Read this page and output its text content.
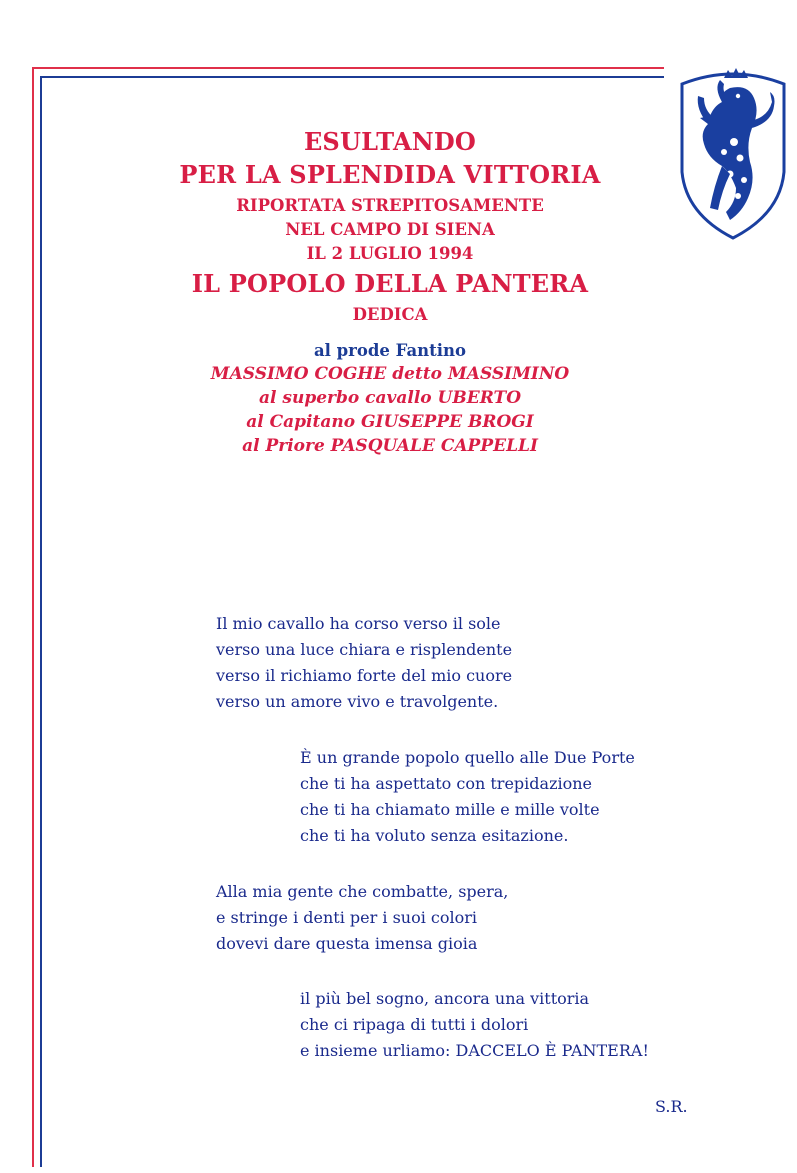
ESULTANDO
PER LA SPLENDIDA VITTORIA
RIPORTATA STREPITOSAMENTE
NEL CAMPO DI SIENA
IL 2 LUGLIO 1994
IL POPOLO DELLA PANTERA
DEDICA
al prode Fantino
MASSIMO COGHE detto MASSIMINO
al superbo cavallo UBERTO
al Capitano GIUSEPPE BROGI
al Priore PASQUALE CAPPELLI
Il mio cavallo ha corso verso il sole
verso una luce chiara e risplendente
verso il richiamo forte del mio cuore
verso un amore vivo e travolgente.
È un grande popolo quello alle Due Porte
che ti ha aspettato con trepidazione
che ti ha chiamato mille e mille volte
che ti ha voluto senza esitazione.
Alla mia gente che combatte, spera,
e stringe i denti per i suoi colori
dovevi dare questa imensa gioia
il più bel sogno, ancora una vittoria
che ci ripaga di tutti i dolori
e insieme urliamo: DACCELO È PANTERA!
S.R.
